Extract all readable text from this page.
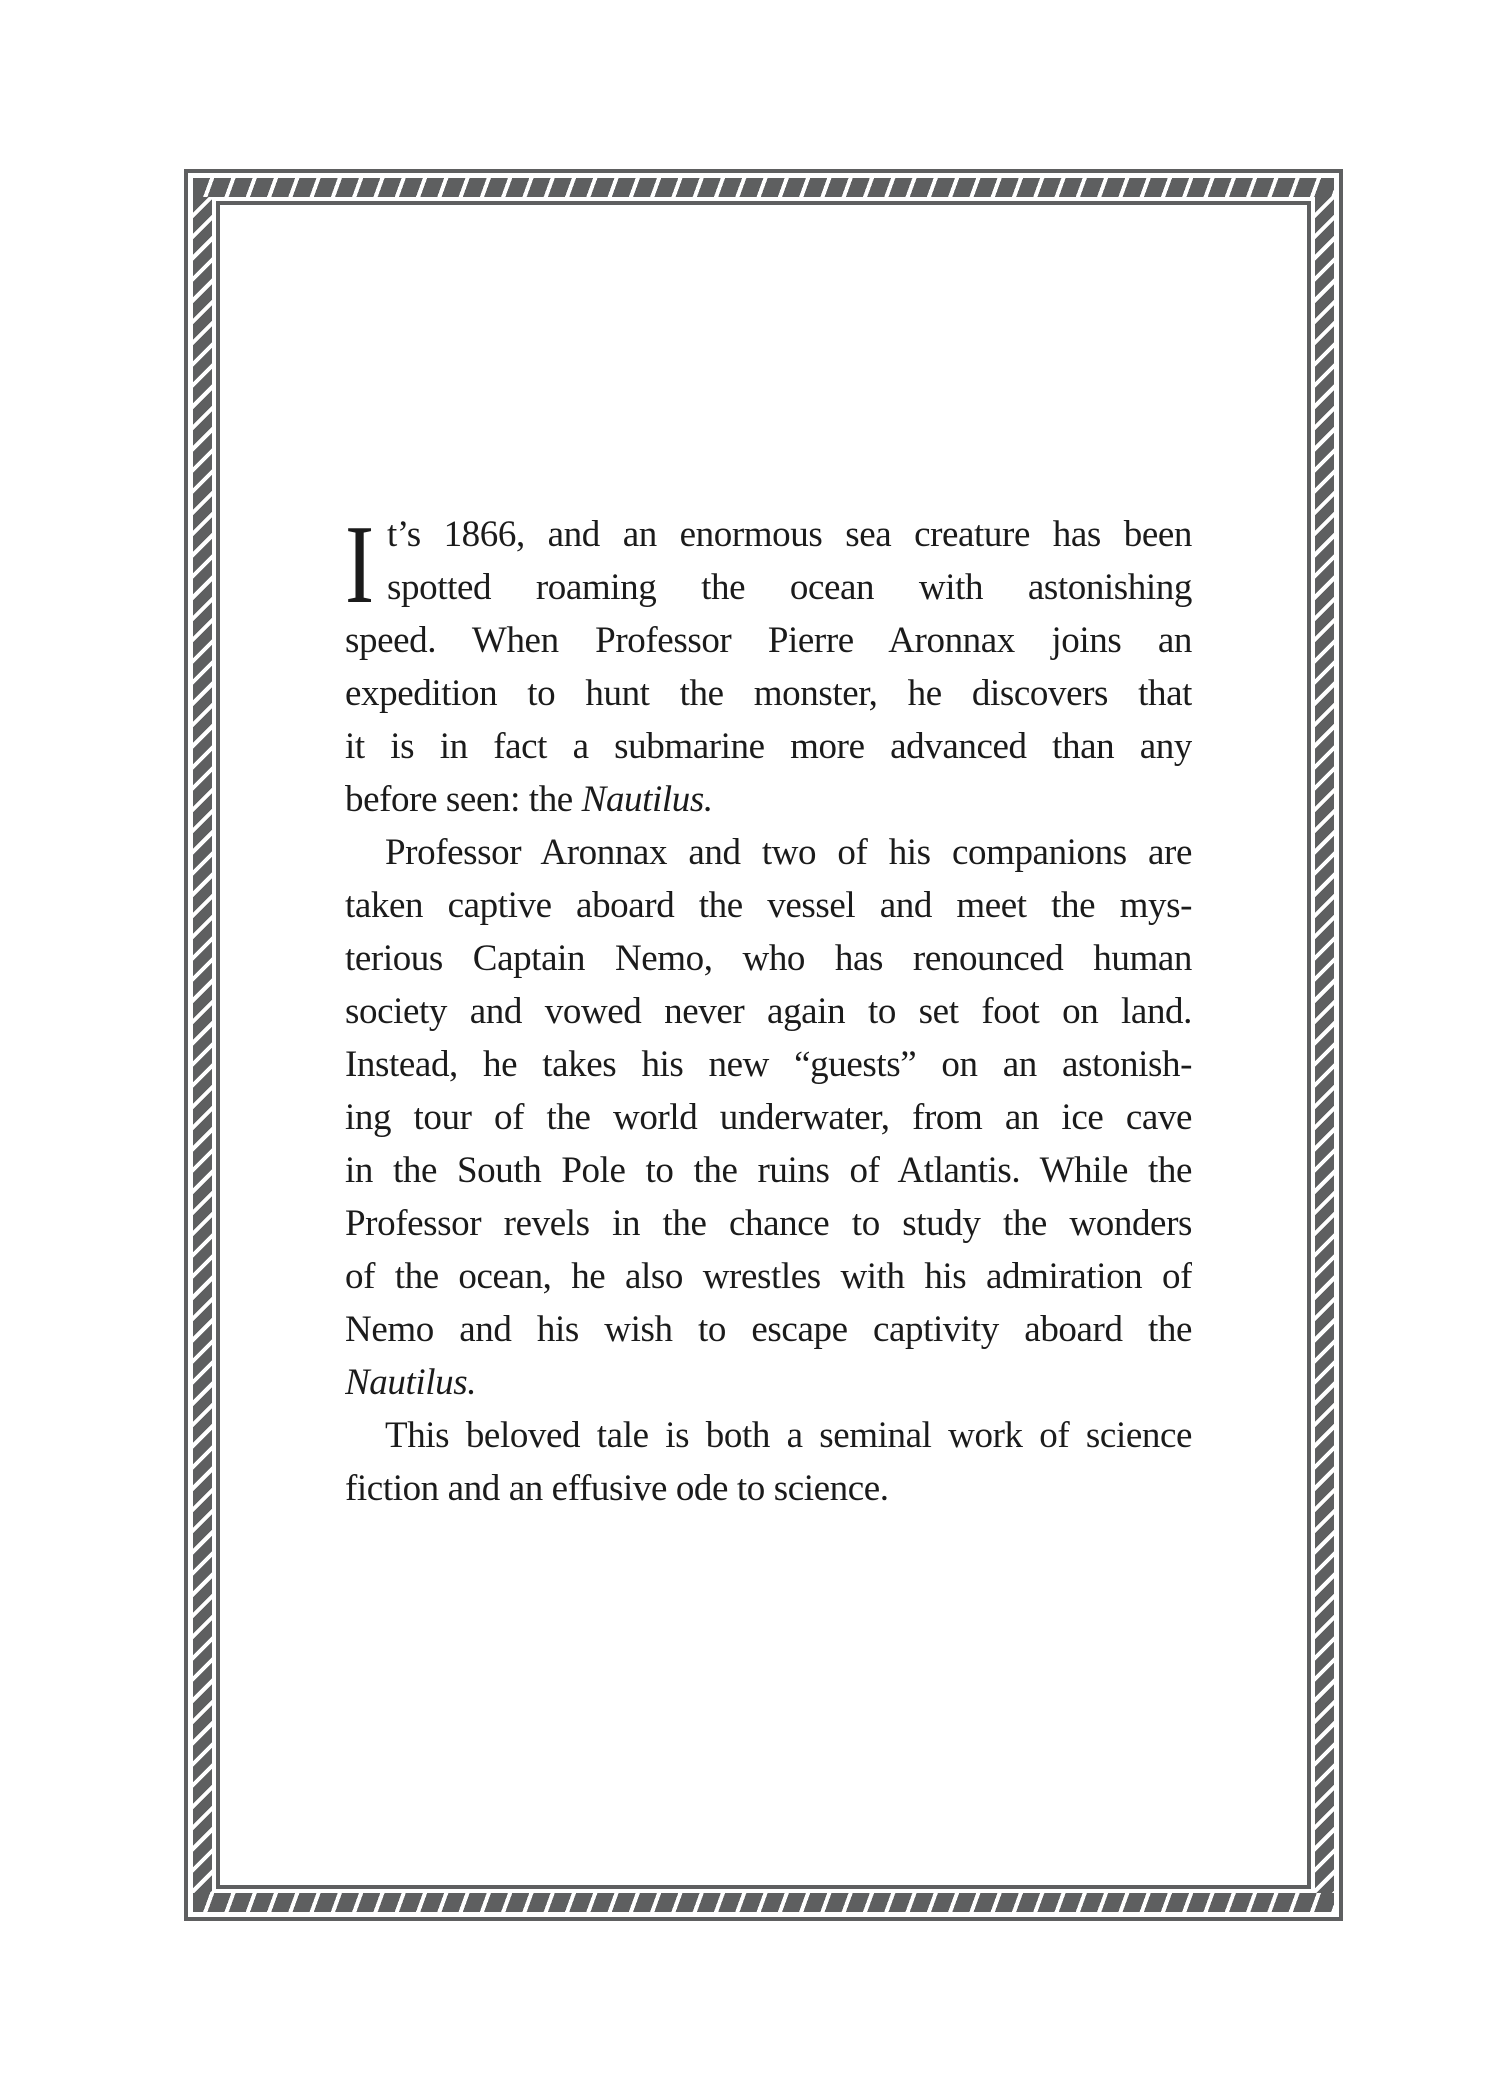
I t’s 1866, and an enormous sea creature has been
spotted roaming the ocean with astonishing
speed. When Professor Pierre Aronnax joins an
expedition to hunt the monster, he discovers that
it is in fact a submarine more advanced than any
before seen: the Nautilus.
Professor Aronnax and two of his companions are
taken captive aboard the vessel and meet the mys-
terious Captain Nemo, who has renounced human
society and vowed never again to set foot on land.
Instead, he takes his new “guests” on an astonish-
ing tour of the world underwater, from an ice cave
in the South Pole to the ruins of Atlantis. While the
Professor revels in the chance to study the wonders
of the ocean, he also wrestles with his admiration of
Nemo and his wish to escape captivity aboard the
Nautilus.
This beloved tale is both a seminal work of science
fiction and an effusive ode to science.
